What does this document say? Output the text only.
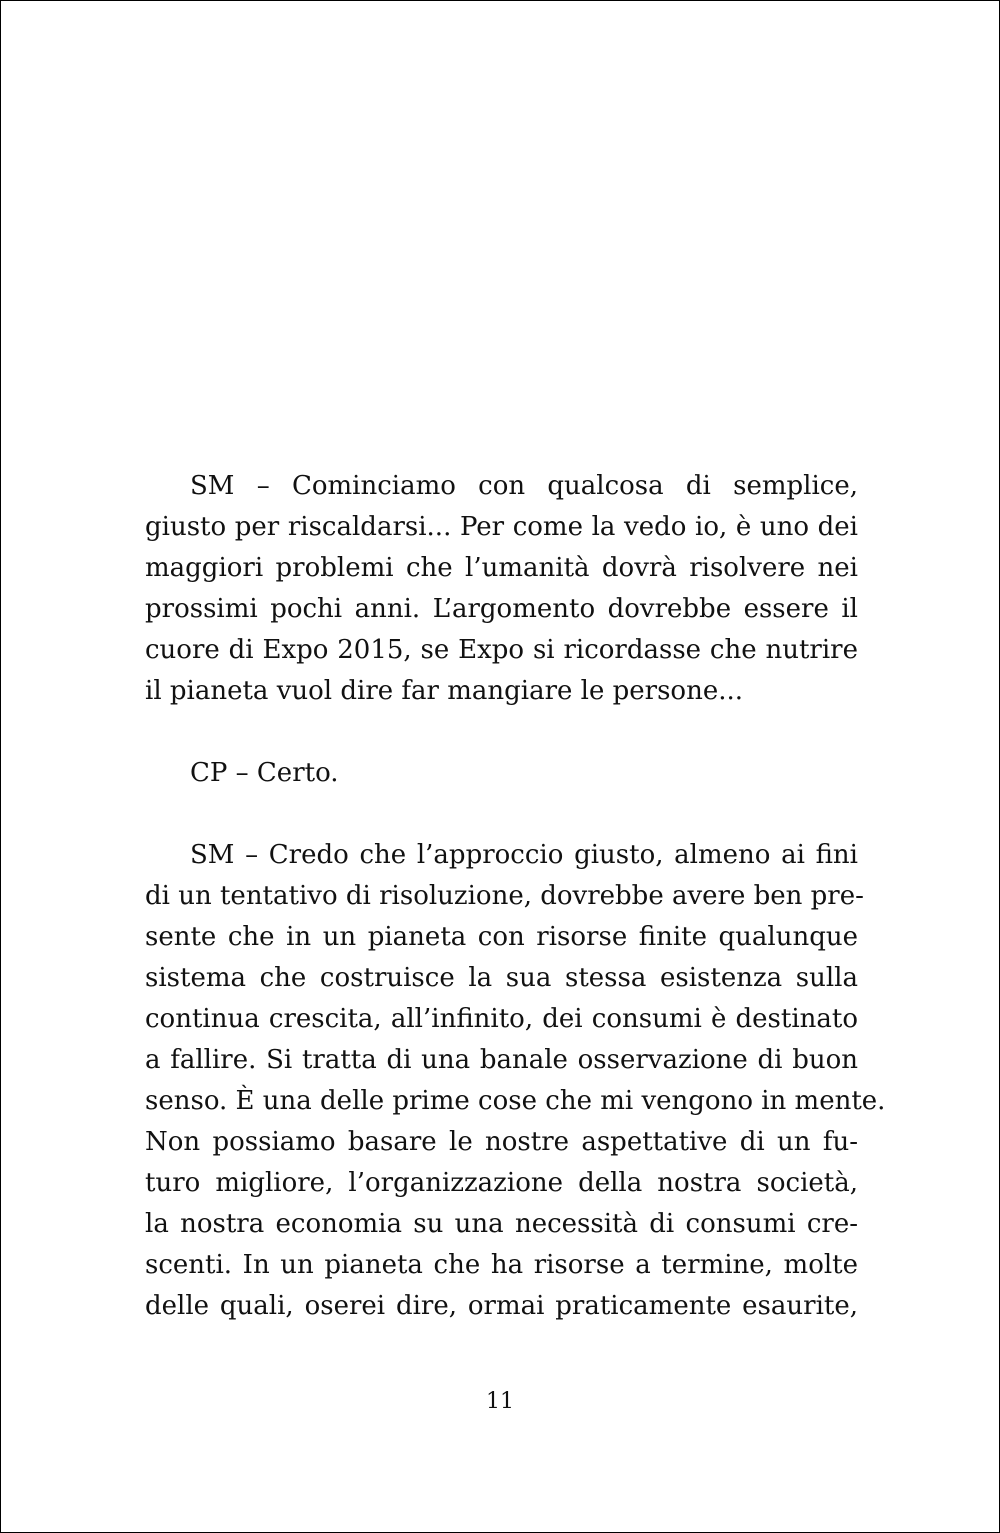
SM – Cominciamo con qualcosa di semplice,
giusto per riscaldarsi... Per come la vedo io, è uno dei
maggiori problemi che l’umanità dovrà risolvere nei
prossimi pochi anni. L’argomento dovrebbe essere il
cuore di Expo 2015, se Expo si ricordasse che nutrire
il pianeta vuol dire far mangiare le persone...
CP – Certo.
SM – Credo che l’approccio giusto, almeno ai fini
di un tentativo di risoluzione, dovrebbe avere ben pre-
sente che in un pianeta con risorse finite qualunque
sistema che costruisce la sua stessa esistenza sulla
continua crescita, all’infinito, dei consumi è destinato
a fallire. Si tratta di una banale osservazione di buon
senso. È una delle prime cose che mi vengono in mente.
Non possiamo basare le nostre aspettative di un fu-
turo migliore, l’organizzazione della nostra società,
la nostra economia su una necessità di consumi cre-
scenti. In un pianeta che ha risorse a termine, molte
delle quali, oserei dire, ormai praticamente esaurite,
11
